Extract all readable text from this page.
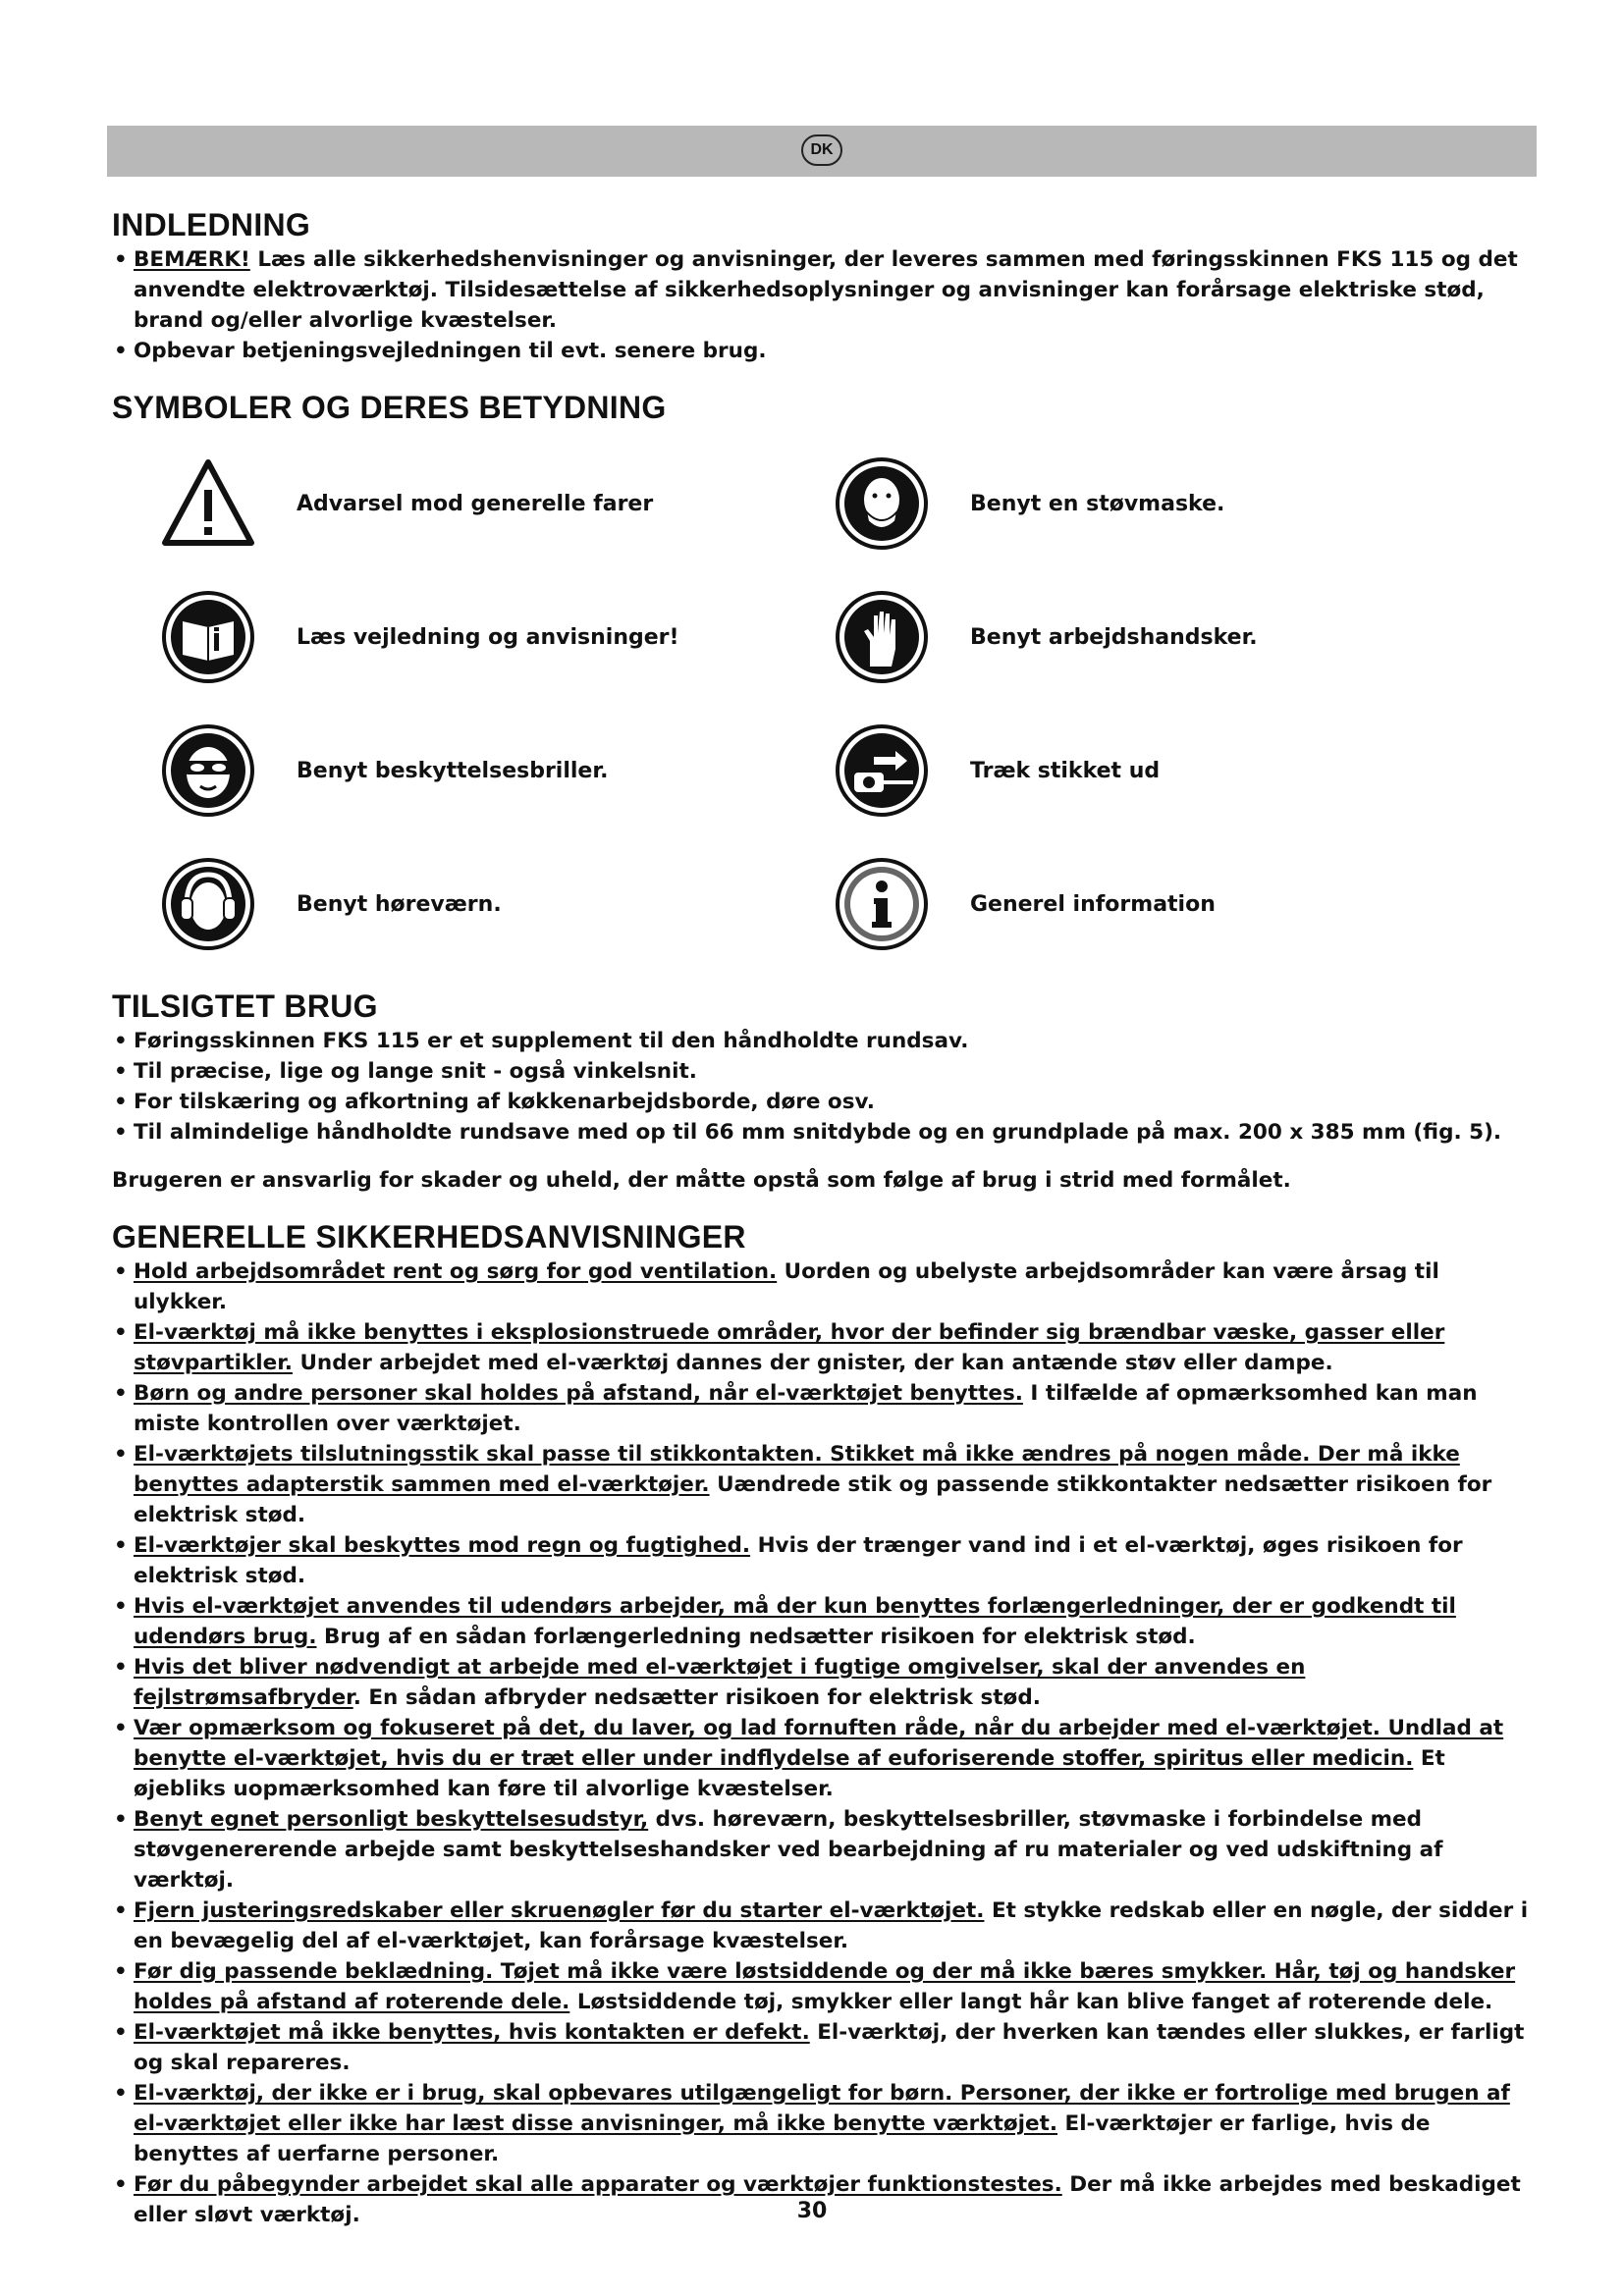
DK
INDLEDNING
• BEMÆRK! Læs alle sikkerhedshenvisninger og anvisninger, der leveres sammen med føringsskinnen FKS 115 og det anvendte elektroværktøj. Tilsidesættelse af sikkerhedsoplysninger og anvisninger kan forårsage elektriske stød, brand og/eller alvorlige kvæstelser.
• Opbevar betjeningsvejledningen til evt. senere brug.
SYMBOLER OG DERES BETYDNING
Advarsel mod generelle farer	Benyt en støvmaske.
Læs vejledning og anvisninger!	Benyt arbejdshandsker.
Benyt beskyttelsesbriller.	Træk stikket ud
Benyt høreværn.	Generel information
TILSIGTET BRUG
• Føringsskinnen FKS 115 er et supplement til den håndholdte rundsav.
• Til præcise, lige og lange snit - også vinkelsnit.
• For tilskæring og afkortning af køkkenarbejdsborde, døre osv.
• Til almindelige håndholdte rundsave med op til 66 mm snitdybde og en grundplade på max. 200 x 385 mm (fig. 5).

Brugeren er ansvarlig for skader og uheld, der måtte opstå som følge af brug i strid med formålet.

GENERELLE SIKKERHEDSANVISNINGER
• Hold arbejdsområdet rent og sørg for god ventilation. Uorden og ubelyste arbejdsområder kan være årsag til ulykker.
• El-værktøj må ikke benyttes i eksplosionstruede områder, hvor der befinder sig brændbar væske, gasser eller støvpartikler. Under arbejdet med el-værktøj dannes der gnister, der kan antænde støv eller dampe.
• Børn og andre personer skal holdes på afstand, når el-værktøjet benyttes. I tilfælde af opmærksomhed kan man miste kontrollen over værktøjet.
• El-værktøjets tilslutningsstik skal passe til stikkontakten. Stikket må ikke ændres på nogen måde. Der må ikke benyttes adapterstik sammen med el-værktøjer. Uændrede stik og passende stikkontakter nedsætter risikoen for elektrisk stød.
• El-værktøjer skal beskyttes mod regn og fugtighed. Hvis der trænger vand ind i et el-værktøj, øges risikoen for elektrisk stød.
• Hvis el-værktøjet anvendes til udendørs arbejder, må der kun benyttes forlængerledninger, der er godkendt til udendørs brug. Brug af en sådan forlængerledning nedsætter risikoen for elektrisk stød.
• Hvis det bliver nødvendigt at arbejde med el-værktøjet i fugtige omgivelser, skal der anvendes en fejlstrømsafbryder. En sådan afbryder nedsætter risikoen for elektrisk stød.
• Vær opmærksom og fokuseret på det, du laver, og lad fornuften råde, når du arbejder med el-værktøjet. Undlad at benytte el-værktøjet, hvis du er træt eller under indflydelse af euforiserende stoffer, spiritus eller medicin. Et øjebliks uopmærksomhed kan føre til alvorlige kvæstelser.
• Benyt egnet personligt beskyttelsesudstyr, dvs. høreværn, beskyttelsesbriller, støvmaske i forbindelse med støvgenererende arbejde samt beskyttelseshandsker ved bearbejdning af ru materialer og ved udskiftning af værktøj.
• Fjern justeringsredskaber eller skruenøgler før du starter el-værktøjet. Et stykke redskab eller en nøgle, der sidder i en bevægelig del af el-værktøjet, kan forårsage kvæstelser.
• Før dig passende beklædning. Tøjet må ikke være løstsiddende og der må ikke bæres smykker. Hår, tøj og handsker holdes på afstand af roterende dele. Løstsiddende tøj, smykker eller langt hår kan blive fanget af roterende dele.
• El-værktøjet må ikke benyttes, hvis kontakten er defekt. El-værktøj, der hverken kan tændes eller slukkes, er farligt og skal repareres.
• El-værktøj, der ikke er i brug, skal opbevares utilgængeligt for børn. Personer, der ikke er fortrolige med brugen af el-værktøjet eller ikke har læst disse anvisninger, må ikke benytte værktøjet. El-værktøjer er farlige, hvis de benyttes af uerfarne personer.
• Før du påbegynder arbejdet skal alle apparater og værktøjer funktionstestes. Der må ikke arbejdes med beskadiget eller sløvt værktøj.	30
